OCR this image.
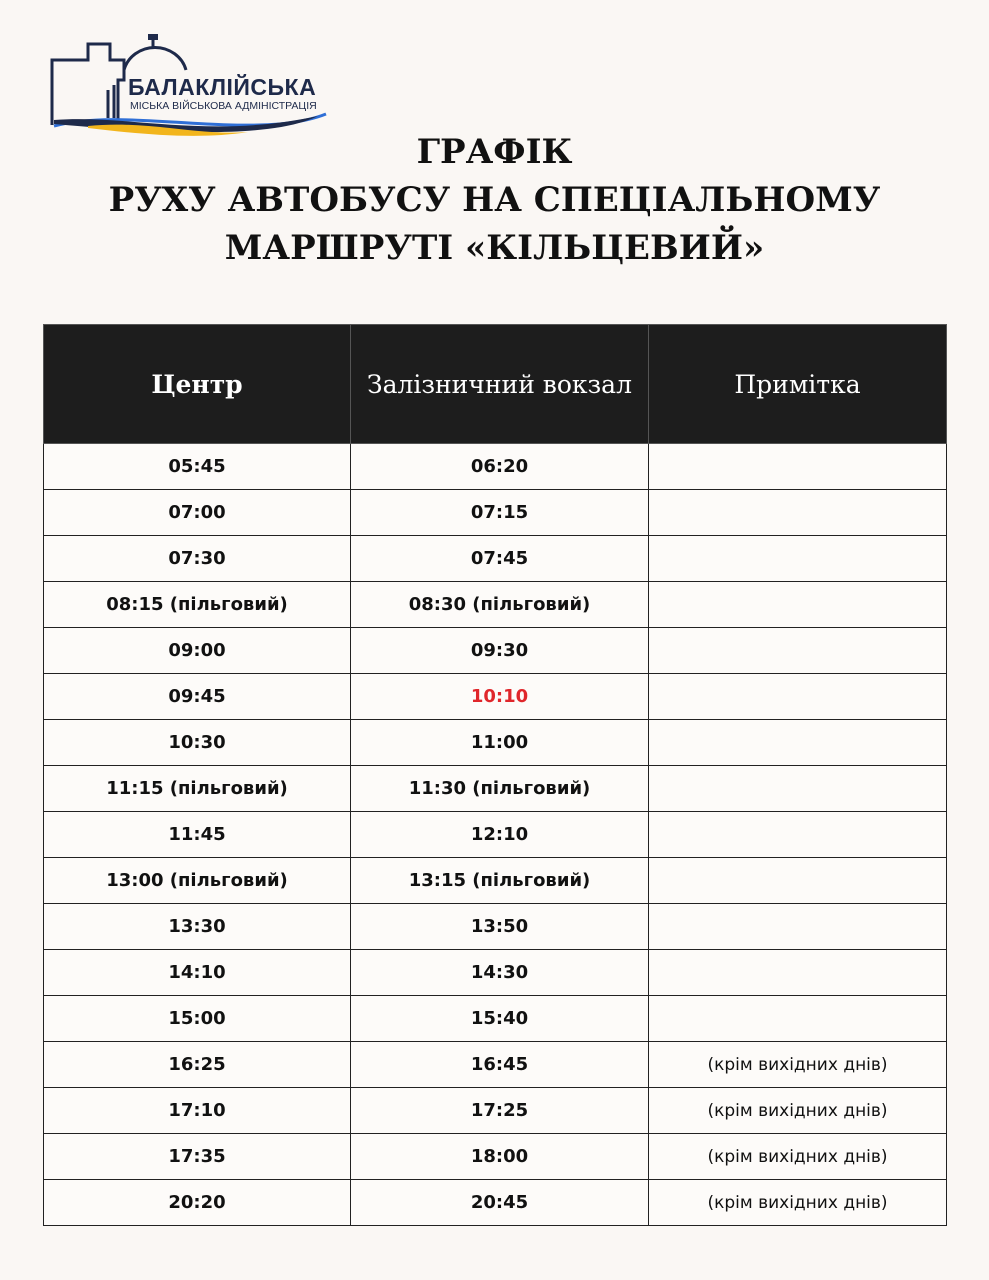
БАЛАКЛІЙСЬКА
МІСЬКА ВІЙСЬКОВА АДМІНІСТРАЦІЯ
ГРАФІК
РУХУ АВТОБУСУ НА СПЕЦІАЛЬНОМУ
МАРШРУТІ «КІЛЬЦЕВИЙ»
Центр	Залізничний вокзал	Примітка
05:45	06:20	
07:00	07:15	
07:30	07:45	
08:15 (пільговий)	08:30 (пільговий)	
09:00	09:30	
09:45	10:10	
10:30	11:00	
11:15 (пільговий)	11:30 (пільговий)	
11:45	12:10	
13:00 (пільговий)	13:15 (пільговий)	
13:30	13:50	
14:10	14:30	
15:00	15:40	
16:25	16:45	(крім вихідних днів)
17:10	17:25	(крім вихідних днів)
17:35	18:00	(крім вихідних днів)
20:20	20:45	(крім вихідних днів)
